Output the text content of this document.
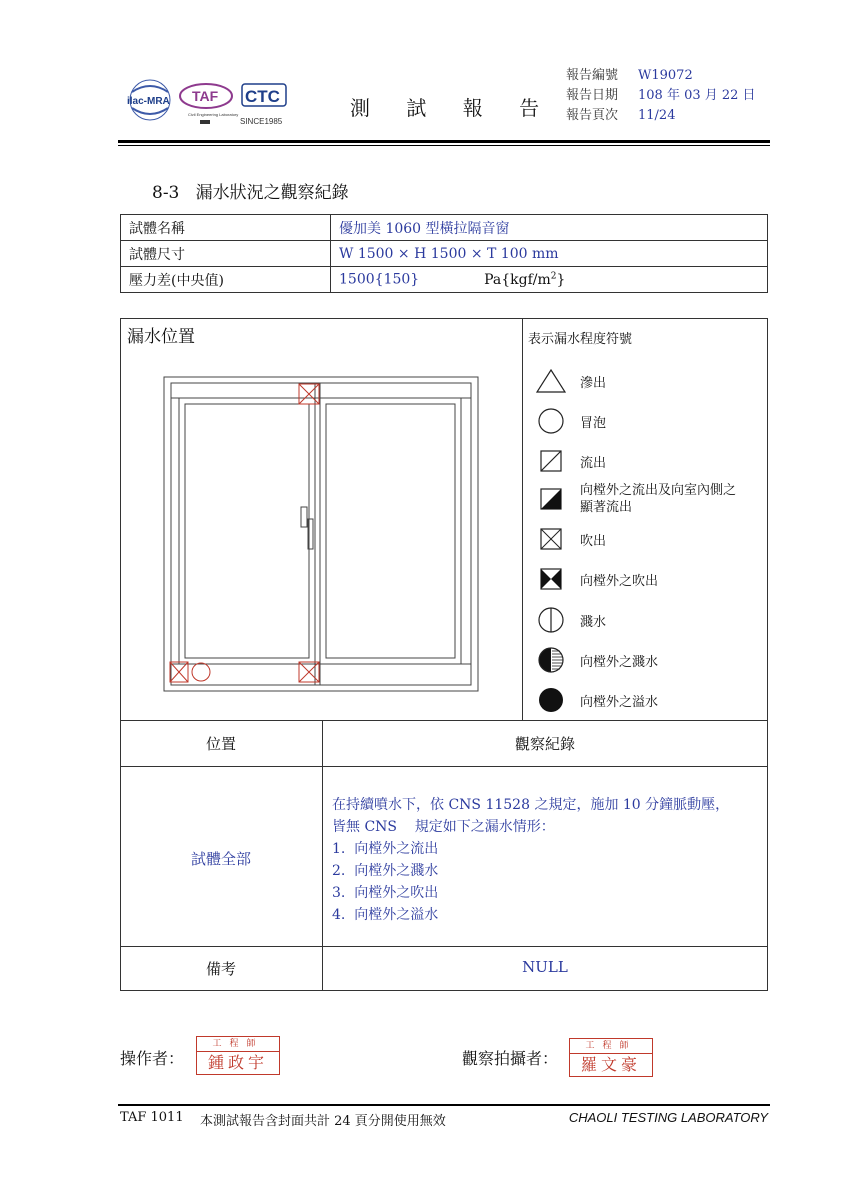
ilac-MRA TAF
Civil Engineering Laboratory
CTC
SINCE1985
測 試 報 告
報告編號	W19072
報告日期	108 年 03 月 22 日
報告頁次	11/24
8-3   漏水狀況之觀察紀錄
試體名稱	優加美 1060 型橫拉隔音窗
試體尺寸	W 1500 × H 1500 × T 100 mm
壓力差(中央值)	1500{150} $Pa\{kgf/m^2\}$
漏水位置	表示漏水程度符號
滲出
冒泡
流出
向樘外之流出及向室內側之
顯著流出
吹出
向樘外之吹出
濺水
向樘外之濺水
向樘外之溢水
位置	觀察紀錄
試體全部
在持續噴水下，依 CNS 11528 之規定，施加 10 分鐘脈動壓，
皆無 CNS    規定如下之漏水情形：
1.  向樘外之流出
2.  向樘外之濺水
3.  向樘外之吹出
4.  向樘外之溢水
備考	NULL
操作者：
工程師
鍾政宇	觀察拍攝者：
工程師
羅文豪
TAF 1011 本測試報告含封面共計 24 頁分開使用無效	CHAOLI TESTING LABORATORY
